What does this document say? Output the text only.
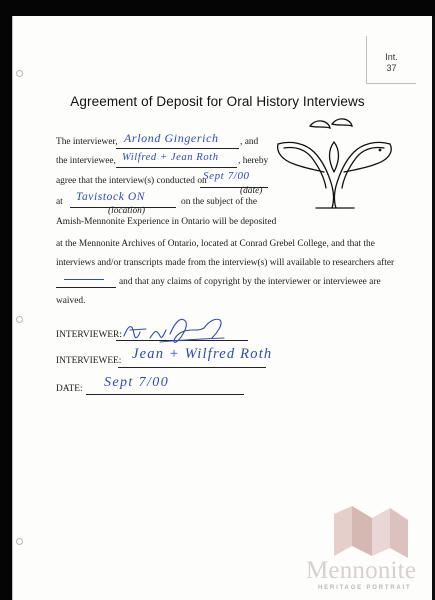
Int.
37
Agreement of Deposit for Oral History Interviews
The interviewer, Arlond Gingerich , and
the interviewee, Wilfred + Jean Roth , hereby
agree that the interview(s) conducted on
Sept 7/00
(date)
at Tavistock ON	on the subject of the
(location)
Amish-Mennonite Experience in Ontario will be deposited
at the Mennonite Archives of Ontario, located at Conrad Grebel College, and that the
interviews and/or transcripts made from the interview(s) will available to researchers after
and that any claims of copyright by the interviewer or interviewee are
waived.
INTERVIEWER:
INTERVIEWEE: Jean + Wilfred Roth
DATE: Sept 7/00
Mennonite
HERITAGE PORTRAIT
